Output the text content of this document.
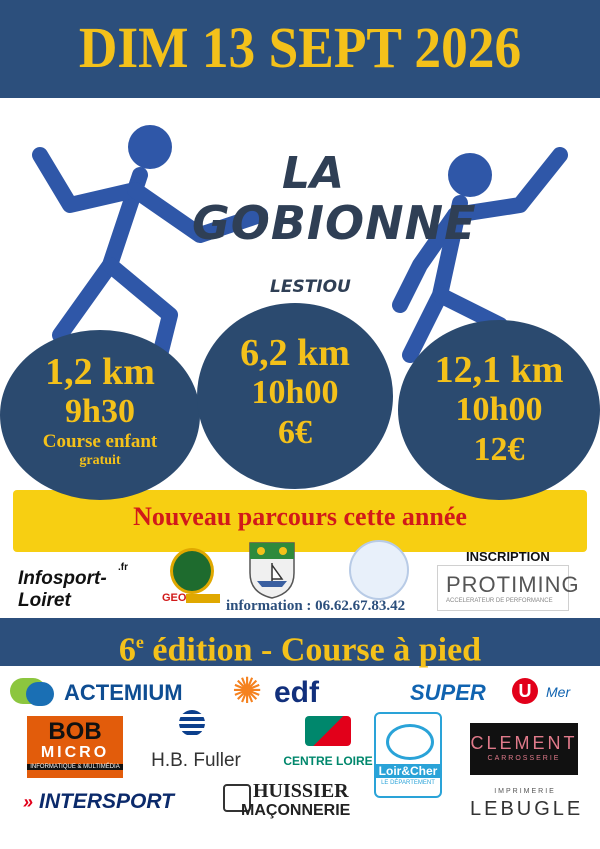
DIM 13 SEPT 2026
LA
GOBIONNE
LESTIOU
Nouveau parcours cette année
1,2 km
9h30
Course enfant
gratuit
6,2 km
10h00
6€
12,1 km
10h00
12€
Infosport-Loiret
.fr
GEO	information : 06.62.67.83.42
INSCRIPTION
PROTIMING
ACCELERATEUR DE PERFORMANCE
6e édition - Course à pied
ACTEMIUM ✺ edf	SUPER	U	Mer
BOB
MICRO
INFORMATIQUE & MULTIMÉDIA	H.B. Fuller	CENTRE LOIRE
Loir&Cher
LE DÉPARTEMENT
CLEMENT
CARROSSERIE
» INTERSPORT	HUISSIER
MAÇONNERIE
IMPRIMERIE
LEBUGLE
